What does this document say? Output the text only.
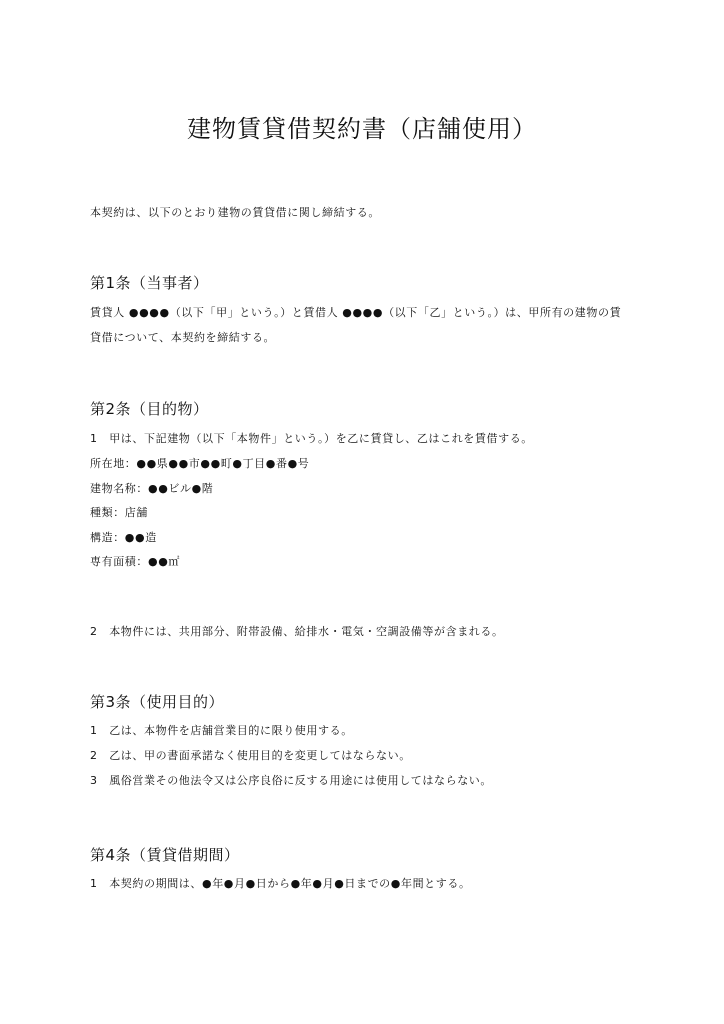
建物賃貸借契約書（店舗使用）
本契約は、以下のとおり建物の賃貸借に関し締結する。
第1条（当事者）
賃貸人 ●●●●（以下「甲」という。）と賃借人 ●●●●（以下「乙」という。）は、甲所有の建物の賃
貸借について、本契約を締結する。
第2条（目的物）
1　甲は、下記建物（以下「本物件」という。）を乙に賃貸し、乙はこれを賃借する。
所在地：●●県●●市●●町●丁目●番●号
建物名称：●●ビル●階
種類：店舗
構造：●●造
専有面積：●●㎡
2　本物件には、共用部分、附帯設備、給排水・電気・空調設備等が含まれる。
第3条（使用目的）
1　乙は、本物件を店舗営業目的に限り使用する。
2　乙は、甲の書面承諾なく使用目的を変更してはならない。
3　風俗営業その他法令又は公序良俗に反する用途には使用してはならない。
第4条（賃貸借期間）
1　本契約の期間は、●年●月●日から●年●月●日までの●年間とする。
